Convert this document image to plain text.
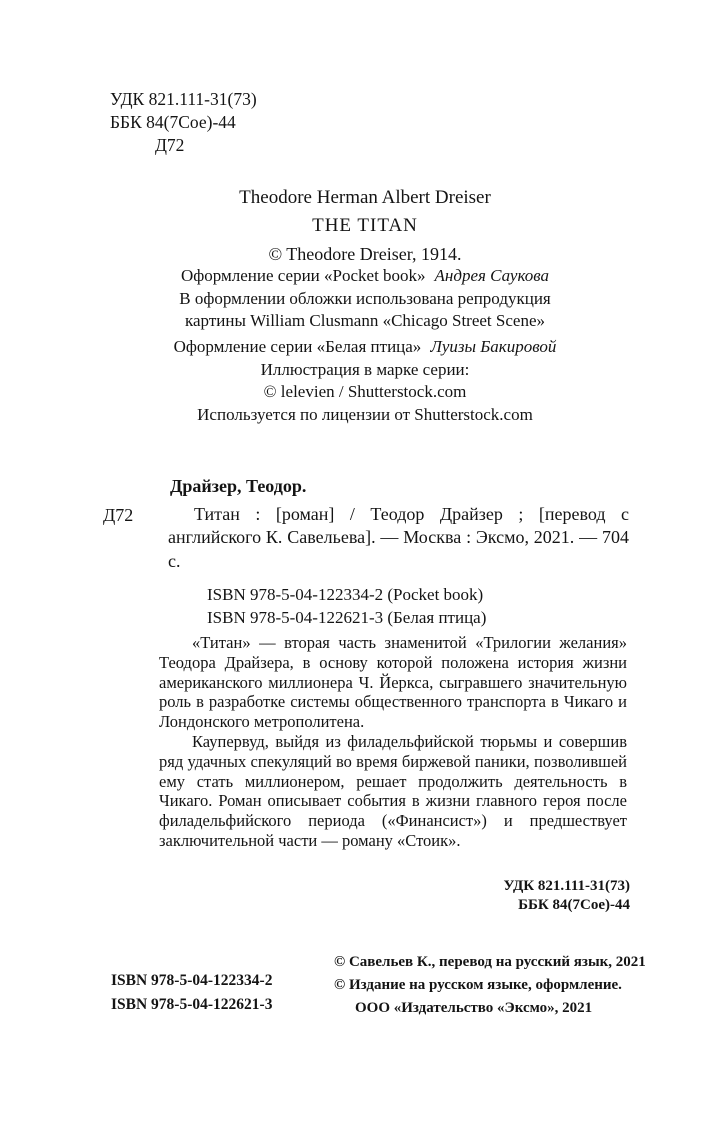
УДК 821.111-31(73)
ББК 84(7Сое)-44
Д72
Theodore Herman Albert Dreiser
THE TITAN
© Theodore Dreiser, 1914.
Оформление серии «Pocket book» Андрея Саукова
В оформлении обложки использована репродукция
картины William Clusmann «Chicago Street Scene»
Оформление серии «Белая птица» Луизы Бакировой
Иллюстрация в марке серии:
© lelevien / Shutterstock.com
Используется по лицензии от Shutterstock.com
Драйзер, Теодор.
Д72	Титан : [роман] / Теодор Драйзер ; [перевод с английского К. Савельева]. — Москва : Эксмо, 2021. — 704 с.
ISBN 978-5-04-122334-2 (Pocket book)
ISBN 978-5-04-122621-3 (Белая птица)

«Титан» — вторая часть знаменитой «Трилогии желания» Теодора Драйзера, в основу которой положена история жизни американского миллионера Ч. Йеркса, сыгравшего значительную роль в разработке системы общественного транспорта в Чикаго и Лондонского метрополитена.

Каупервуд, выйдя из филадельфийской тюрьмы и совершив ряд удачных спекуляций во время биржевой паники, позволившей ему стать миллионером, решает продолжить деятельность в Чикаго. Роман описывает события в жизни главного героя после филадельфийского периода («Финансист») и предшествует заключительной части — роману «Стоик».

УДК 821.111-31(73)
ББК 84(7Сое)-44
ISBN 978-5-04-122334-2
ISBN 978-5-04-122621-3
© Савельев К., перевод на русский язык, 2021
© Издание на русском языке, оформление.
ООО «Издательство «Эксмо», 2021
